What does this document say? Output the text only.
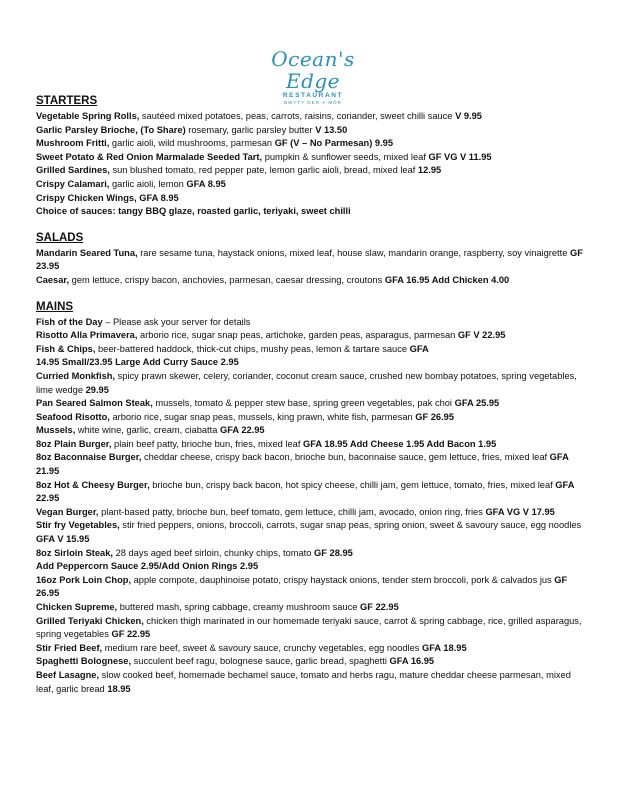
Ocean's Edge
RESTAURANT
BWYTY GER Y MÔR
STARTERS
Vegetable Spring Rolls, sautéed mixed potatoes, peas, carrots, raisins, coriander, sweet chilli sauce V 9.95
Garlic Parsley Brioche, (To Share) rosemary, garlic parsley butter V 13.50
Mushroom Fritti, garlic aioli, wild mushrooms, parmesan GF (V – No Parmesan) 9.95
Sweet Potato & Red Onion Marmalade Seeded Tart, pumpkin & sunflower seeds, mixed leaf GF VG V 11.95
Grilled Sardines, sun blushed tomato, red pepper pate, lemon garlic aioli, bread, mixed leaf 12.95
Crispy Calamari, garlic aioli, lemon GFA 8.95
Crispy Chicken Wings, GFA 8.95
Choice of sauces: tangy BBQ glaze, roasted garlic, teriyaki, sweet chilli
SALADS
Mandarin Seared Tuna, rare sesame tuna, haystack onions, mixed leaf, house slaw, mandarin orange, raspberry, soy vinaigrette GF 23.95
Caesar, gem lettuce, crispy bacon, anchovies, parmesan, caesar dressing, croutons GFA 16.95 Add Chicken 4.00
MAINS
Fish of the Day – Please ask your server for details
Risotto Alla Primavera, arborio rice, sugar snap peas, artichoke, garden peas, asparagus, parmesan GF V 22.95
Fish & Chips, beer-battered haddock, thick-cut chips, mushy peas, lemon & tartare sauce GFA
14.95 Small/23.95 Large Add Curry Sauce 2.95
Curried Monkfish, spicy prawn skewer, celery, coriander, coconut cream sauce, crushed new bombay potatoes, spring vegetables, lime wedge 29.95
Pan Seared Salmon Steak, mussels, tomato & pepper stew base, spring green vegetables, pak choi GFA 25.95
Seafood Risotto, arborio rice, sugar snap peas, mussels, king prawn, white fish, parmesan GF 26.95
Mussels, white wine, garlic, cream, ciabatta GFA 22.95
8oz Plain Burger, plain beef patty, brioche bun, fries, mixed leaf GFA 18.95 Add Cheese 1.95 Add Bacon 1.95
8oz Baconnaise Burger, cheddar cheese, crispy back bacon, brioche bun, baconnaise sauce, gem lettuce, fries, mixed leaf GFA 21.95
8oz Hot & Cheesy Burger, brioche bun, crispy back bacon, hot spicy cheese, chilli jam, gem lettuce, tomato, fries, mixed leaf GFA 22.95
Vegan Burger, plant-based patty, brioche bun, beef tomato, gem lettuce, chilli jam, avocado, onion ring, fries GFA VG V 17.95
Stir fry Vegetables, stir fried peppers, onions, broccoli, carrots, sugar snap peas, spring onion, sweet & savoury sauce, egg noodles GFA V 15.95
8oz Sirloin Steak, 28 days aged beef sirloin, chunky chips, tomato GF 28.95
Add Peppercorn Sauce 2.95/Add Onion Rings 2.95
16oz Pork Loin Chop, apple compote, dauphinoise potato, crispy haystack onions, tender stem broccoli, pork & calvados jus GF 26.95
Chicken Supreme, buttered mash, spring cabbage, creamy mushroom sauce GF 22.95
Grilled Teriyaki Chicken, chicken thigh marinated in our homemade teriyaki sauce, carrot & spring cabbage, rice, grilled asparagus, spring vegetables GF 22.95
Stir Fried Beef, medium rare beef, sweet & savoury sauce, crunchy vegetables, egg noodles GFA 18.95
Spaghetti Bolognese, succulent beef ragu, bolognese sauce, garlic bread, spaghetti GFA 16.95
Beef Lasagne, slow cooked beef, homemade bechamel sauce, tomato and herbs ragu, mature cheddar cheese parmesan, mixed leaf, garlic bread 18.95
